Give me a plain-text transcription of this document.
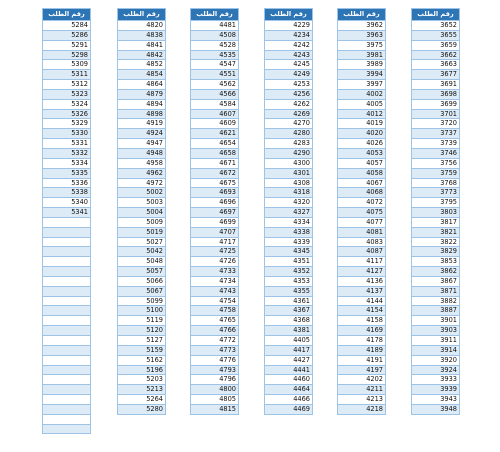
رقم الطلب
5284
5286
5291
5298
5309
5311
5312
5323
5324
5326
5329
5330
5331
5332
5334
5335
5336
5338
5340
5341
رقم الطلب
4820
4838
4841
4842
4852
4854
4864
4879
4894
4898
4919
4924
4947
4948
4958
4962
4972
5002
5003
5004
5009
5019
5027
5042
5048
5057
5066
5067
5099
5100
5119
5120
5127
5159
5162
5196
5203
5213
5264
5280
رقم الطلب
4481
4508
4528
4535
4547
4551
4562
4566
4584
4607
4609
4621
4654
4658
4671
4672
4675
4693
4696
4697
4699
4707
4717
4725
4726
4733
4734
4743
4754
4758
4765
4766
4772
4773
4776
4793
4796
4800
4805
4815
رقم الطلب
4229
4234
4242
4243
4245
4249
4253
4256
4262
4269
4270
4280
4283
4290
4300
4301
4308
4318
4320
4327
4334
4338
4339
4345
4351
4352
4353
4355
4361
4367
4368
4381
4405
4417
4427
4441
4460
4464
4466
4469
رقم الطلب
3962
3963
3975
3981
3989
3994
3997
4002
4005
4012
4019
4020
4026
4053
4057
4058
4067
4068
4072
4075
4077
4081
4083
4087
4117
4127
4136
4137
4144
4154
4158
4169
4178
4189
4191
4197
4202
4211
4213
4218
رقم الطلب
3652
3655
3659
3662
3663
3677
3691
3698
3699
3701
3720
3737
3739
3746
3756
3759
3768
3773
3795
3803
3817
3821
3822
3829
3853
3862
3867
3871
3882
3887
3901
3903
3911
3914
3920
3924
3933
3939
3943
3948
